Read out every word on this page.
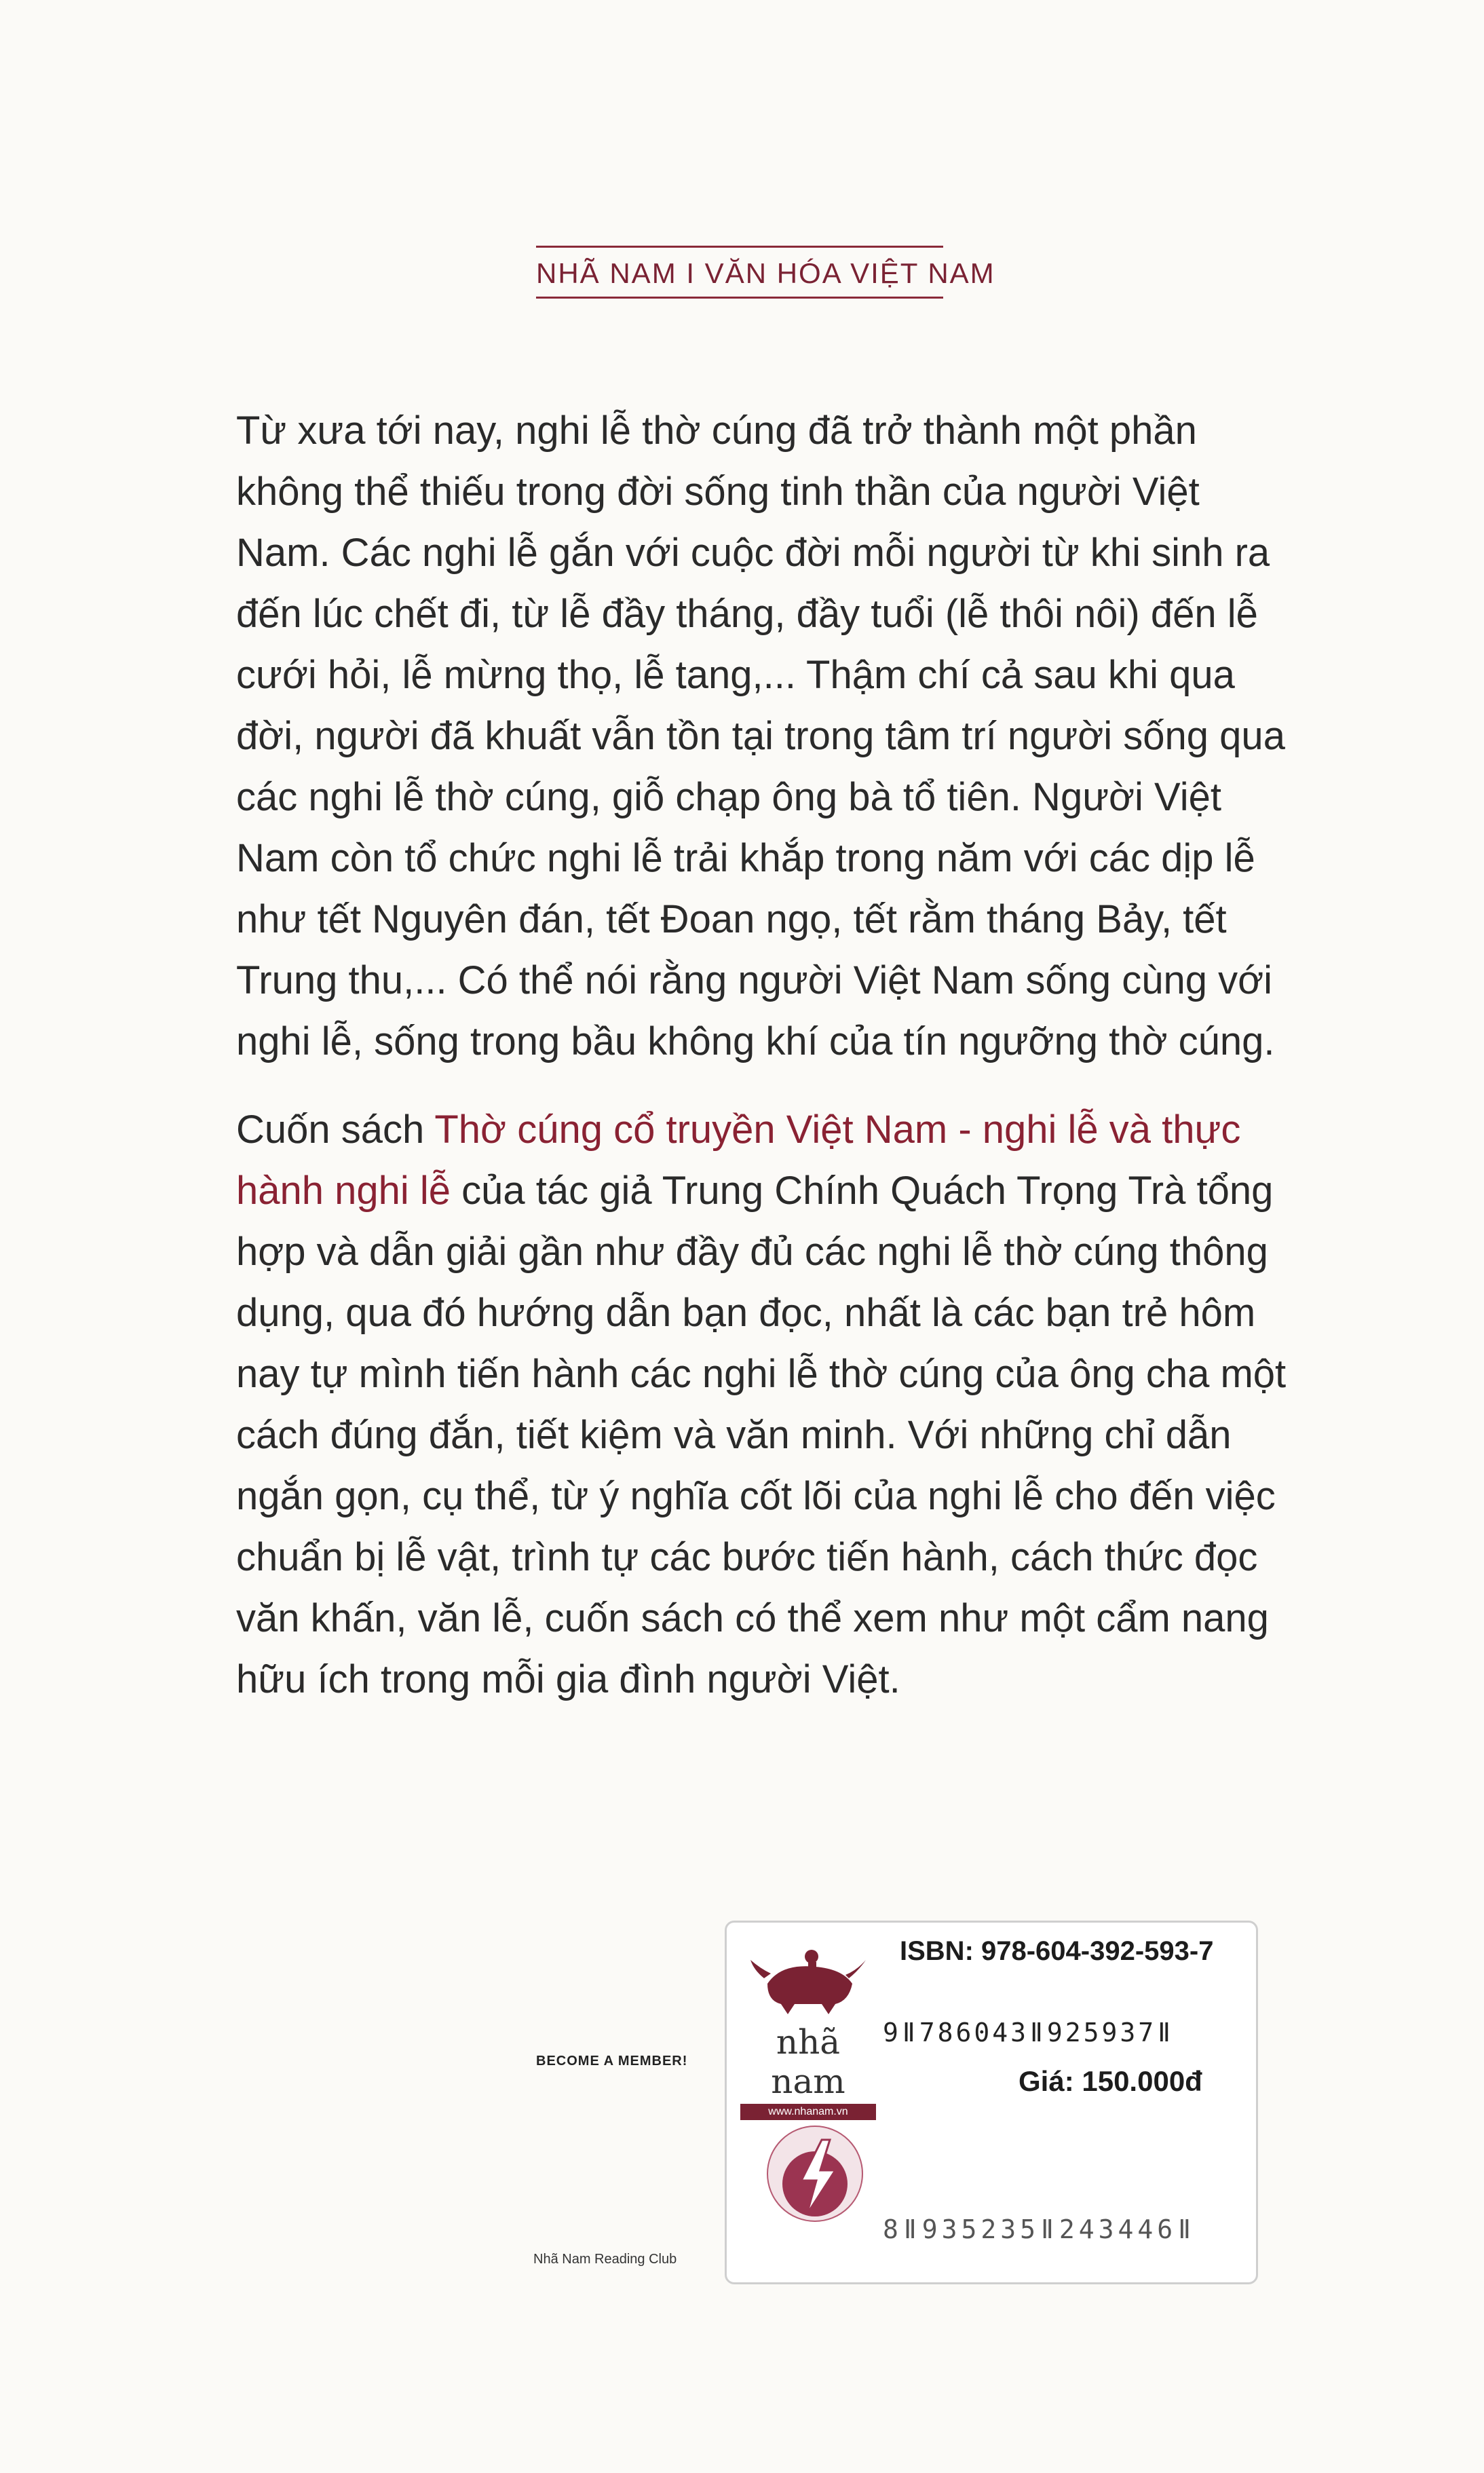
NHÃ NAM I VĂN HÓA VIỆT NAM
Từ xưa tới nay, nghi lễ thờ cúng đã trở thành một phần
không thể thiếu trong đời sống tinh thần của người Việt
Nam. Các nghi lễ gắn với cuộc đời mỗi người từ khi sinh ra
đến lúc chết đi, từ lễ đầy tháng, đầy tuổi (lễ thôi nôi) đến lễ
cưới hỏi, lễ mừng thọ, lễ tang,... Thậm chí cả sau khi qua
đời, người đã khuất vẫn tồn tại trong tâm trí người sống qua
các nghi lễ thờ cúng, giỗ chạp ông bà tổ tiên. Người Việt
Nam còn tổ chức nghi lễ trải khắp trong năm với các dịp lễ
như tết Nguyên đán, tết Đoan ngọ, tết rằm tháng Bảy, tết
Trung thu,... Có thể nói rằng người Việt Nam sống cùng với
nghi lễ, sống trong bầu không khí của tín ngưỡng thờ cúng.
Cuốn sách Thờ cúng cổ truyền Việt Nam - nghi lễ và thực
hành nghi lễ của tác giả Trung Chính Quách Trọng Trà tổng
hợp và dẫn giải gần như đầy đủ các nghi lễ thờ cúng thông
dụng, qua đó hướng dẫn bạn đọc, nhất là các bạn trẻ hôm
nay tự mình tiến hành các nghi lễ thờ cúng của ông cha một
cách đúng đắn, tiết kiệm và văn minh. Với những chỉ dẫn
ngắn gọn, cụ thể, từ ý nghĩa cốt lõi của nghi lễ cho đến việc
chuẩn bị lễ vật, trình tự các bước tiến hành, cách thức đọc
văn khấn, văn lễ, cuốn sách có thể xem như một cẩm nang
hữu ích trong mỗi gia đình người Việt.
BECOME A MEMBER!
Nhã Nam Reading Club
nhã nam
www.nhanam.vn
ISBN: 978-604-392-593-7
9ǁ786043ǁ925937ǁ
Giá: 150.000đ
8ǁ935235ǁ243446ǁ
